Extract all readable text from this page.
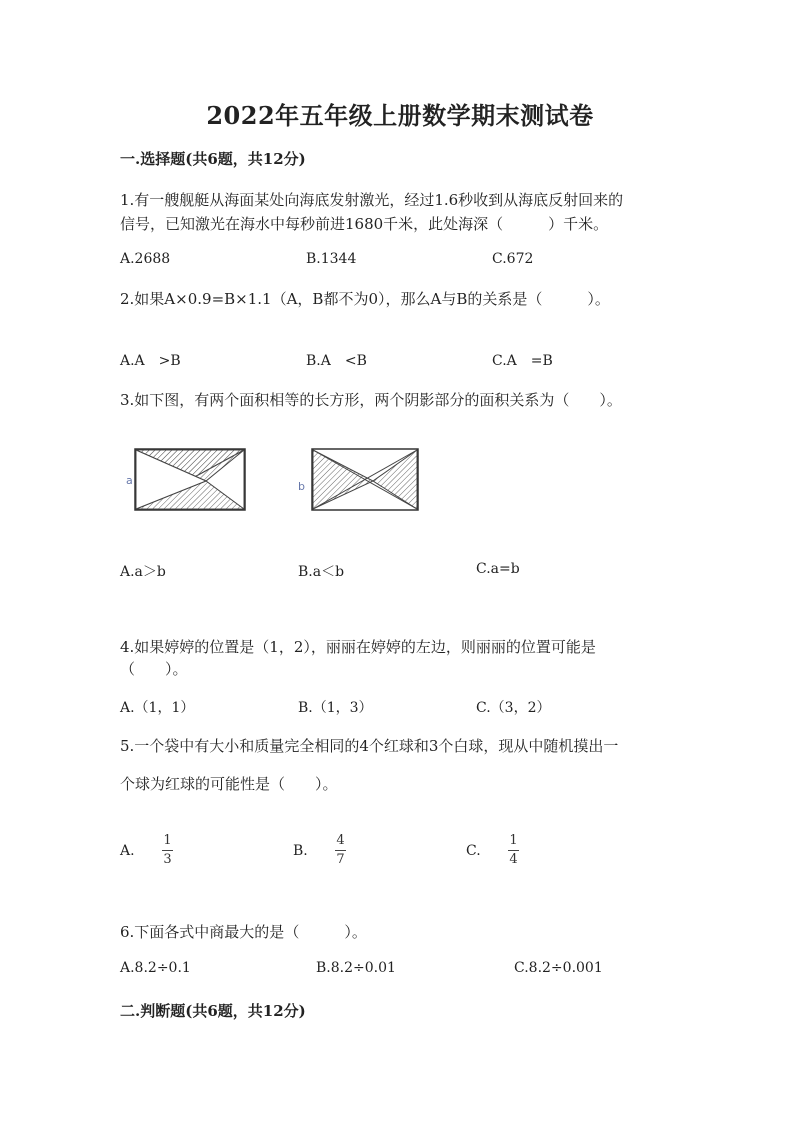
2022年五年级上册数学期末测试卷
一.选择题(共6题，共12分)
1.有一艘舰艇从海面某处向海底发射激光，经过1.6秒收到从海底反射回来的
信号，已知激光在海水中每秒前进1680千米，此处海深（　　　）千米。
A.2688	B.1344	C.672
2.如果A×0.9=B×1.1（A，B都不为0），那么A与B的关系是（　　　）。
A.A　>B	B.A　<B	C.A　=B
3.如下图，有两个面积相等的长方形，两个阴影部分的面积关系为（　　）。
a	b
A.a＞b	B.a＜b	C.a=b
4.如果婷婷的位置是（1，2），丽丽在婷婷的左边，则丽丽的位置可能是
（　　）。
A.（1，1）	B.（1，3）	C.（3，2）
5.一个袋中有大小和质量完全相同的4个红球和3个白球，现从中随机摸出一
个球为红球的可能性是（　　）。
A.
1
3
B.
4
7
C.
1
4
6.下面各式中商最大的是（　　　）。
A.8.2÷0.1	B.8.2÷0.01	C.8.2÷0.001
二.判断题(共6题，共12分)
